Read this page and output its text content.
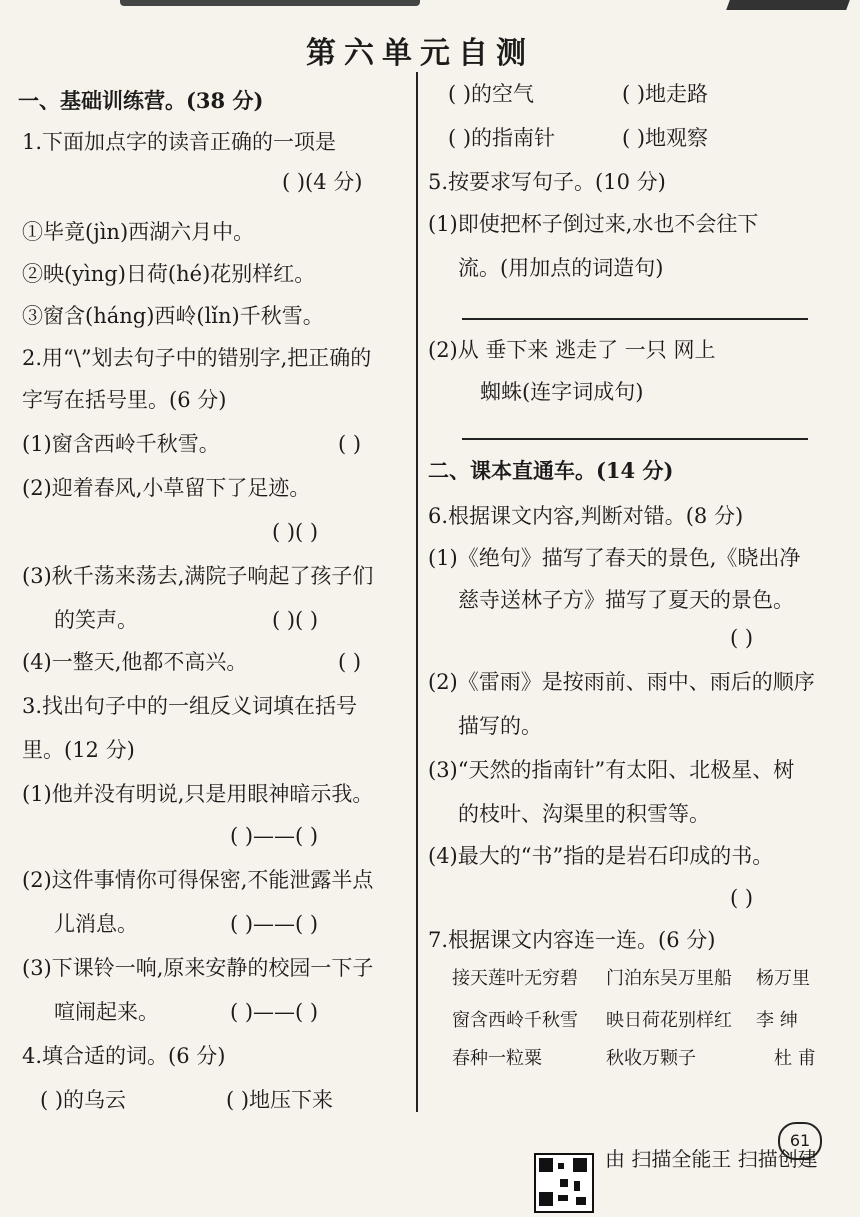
第六单元自测
一、基础训练营。(38 分)
1.下面加点字的读音正确的一项是
( )(4 分)
①毕竟(jìn)西湖六月中。
②映(yìng)日荷(hé)花别样红。
③窗含(háng)西岭(lǐn)千秋雪。
2.用“\”划去句子中的错别字,把正确的
字写在括号里。(6 分)
(1)窗含西岭千秋雪。	( )
(2)迎着春风,小草留下了足迹。
( )( )
(3)秋千荡来荡去,满院子响起了孩子们
的笑声。	( )( )
(4)一整天,他都不高兴。	( )
3.找出句子中的一组反义词填在括号
里。(12 分)
(1)他并没有明说,只是用眼神暗示我。
( )——( )
(2)这件事情你可得保密,不能泄露半点
儿消息。	( )——( )
(3)下课铃一响,原来安静的校园一下子
喧闹起来。	( )——( )
4.填合适的词。(6 分)
( )的乌云	( )地压下来
( )的空气	( )地走路
( )的指南针	( )地观察
5.按要求写句子。(10 分)
(1)即使把杯子倒过来,水也不会往下
流。(用加点的词造句)
(2)从 垂下来 逃走了 一只 网上
蜘蛛(连字词成句)
二、课本直通车。(14 分)
6.根据课文内容,判断对错。(8 分)
(1)《绝句》描写了春天的景色,《晓出净
慈寺送林子方》描写了夏天的景色。
( )
(2)《雷雨》是按雨前、雨中、雨后的顺序
描写的。
(3)“天然的指南针”有太阳、北极星、树
的枝叶、沟渠里的积雪等。
(4)最大的“书”指的是岩石印成的书。
( )
7.根据课文内容连一连。(6 分)
接天莲叶无穷碧 门泊东吴万里船 杨万里
窗含西岭千秋雪 映日荷花别样红 李 绅
春种一粒粟	秋收万颗子	杜 甫
61
由 扫描全能王 扫描创建
